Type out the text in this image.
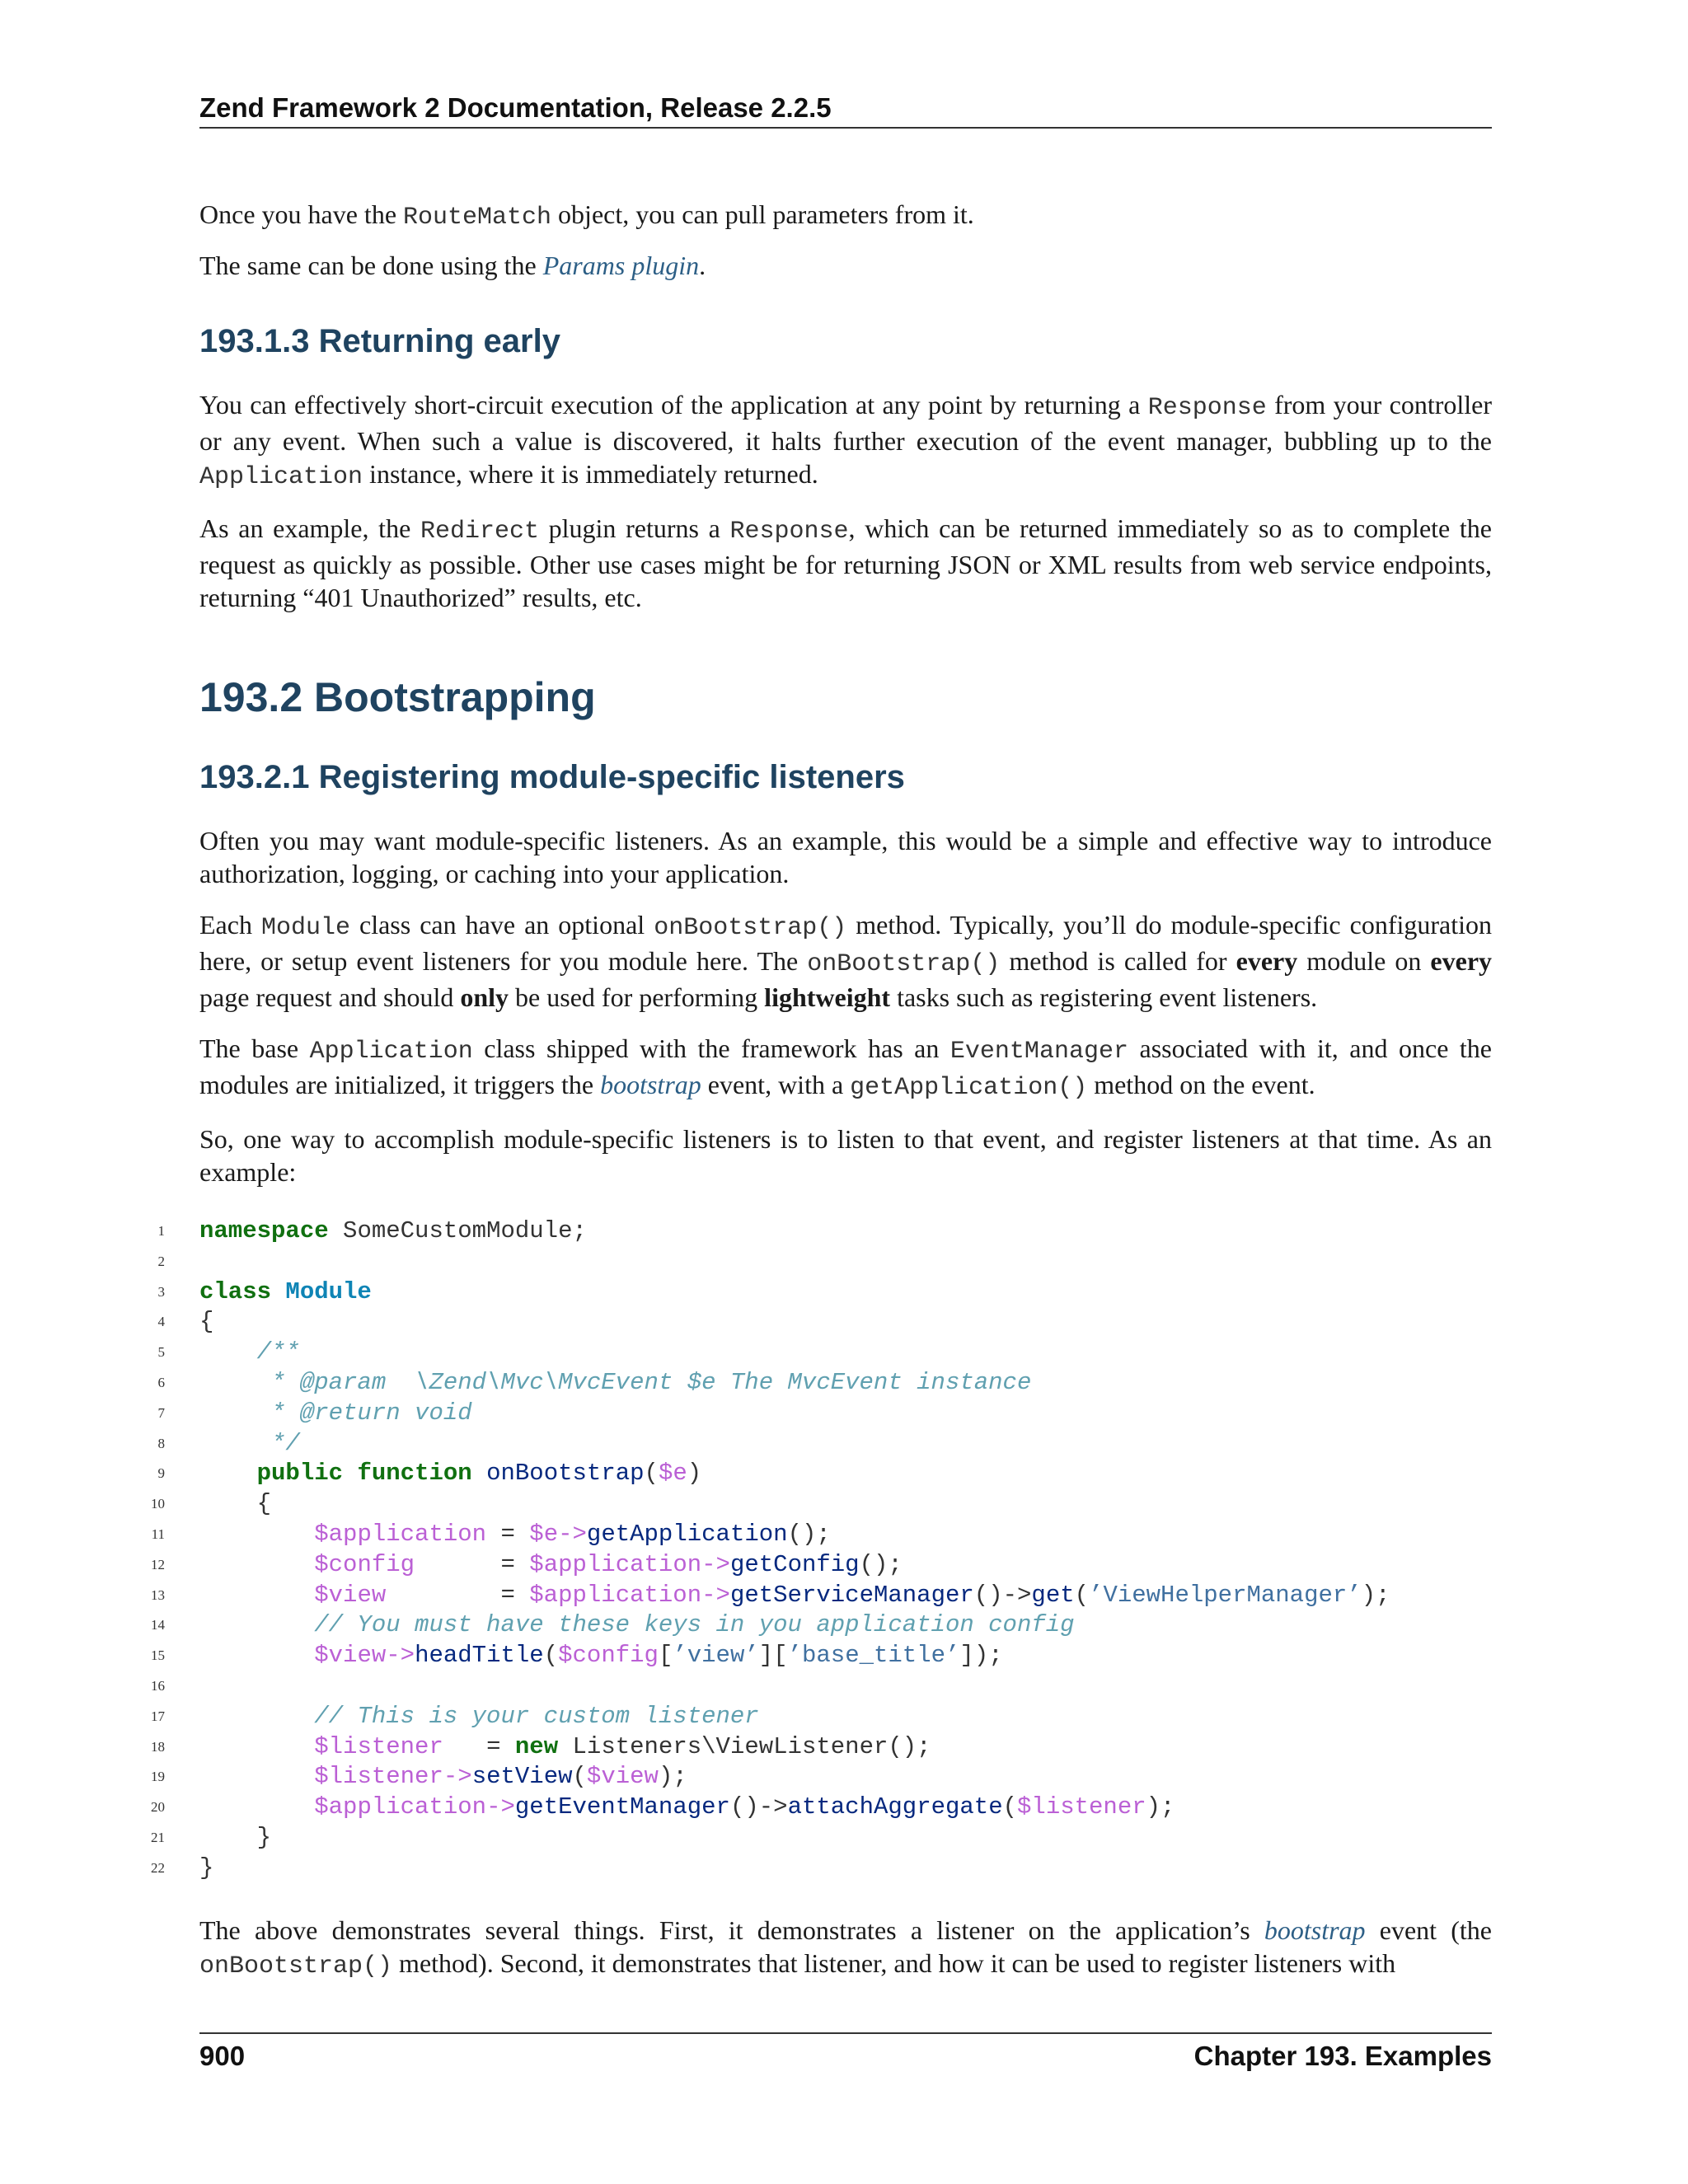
Zend Framework 2 Documentation, Release 2.2.5

Once you have the RouteMatch object, you can pull parameters from it.

The same can be done using the Params plugin.

193.1.3 Returning early

You can effectively short-circuit execution of the application at any point by returning a Response from your controller or any event. When such a value is discovered, it halts further execution of the event manager, bubbling up to the Application instance, where it is immediately returned.

As an example, the Redirect plugin returns a Response, which can be returned immediately so as to complete the request as quickly as possible. Other use cases might be for returning JSON or XML results from web service endpoints, returning “401 Unauthorized” results, etc.

193.2 Bootstrapping
193.2.1 Registering module-specific listeners

Often you may want module-specific listeners. As an example, this would be a simple and effective way to introduce authorization, logging, or caching into your application.

Each Module class can have an optional onBootstrap() method. Typically, you’ll do module-specific configuration here, or setup event listeners for you module here. The onBootstrap() method is called for every module on every page request and should only be used for performing lightweight tasks such as registering event listeners.

The base Application class shipped with the framework has an EventManager associated with it, and once the modules are initialized, it triggers the bootstrap event, with a getApplication() method on the event.

So, one way to accomplish module-specific listeners is to listen to that event, and register listeners at that time. As an example:

1 namespace SomeCustomModule;
2
3 class Module
4 {
5 /**
6 * @param  \Zend\Mvc\MvcEvent $e The MvcEvent instance
7 * @return void
8 */
9	public function onBootstrap($e)
10 {
11	$application = $e->getApplication();
12	$config      = $application->getConfig();
13	$view        = $application->getServiceManager()->get(’ViewHelperManager’);
14 // You must have these keys in you application config
15	$view->headTitle($config[’view’][’base_title’]);
16
17 // This is your custom listener
18	$listener   = new Listeners\ViewListener();
19	$listener->setView($view);
20	$application->getEventManager()->attachAggregate($listener);
21 }
22 }

The above demonstrates several things. First, it demonstrates a listener on the application’s bootstrap event (the onBootstrap() method). Second, it demonstrates that listener, and how it can be used to register listeners with

900	Chapter 193. Examples
